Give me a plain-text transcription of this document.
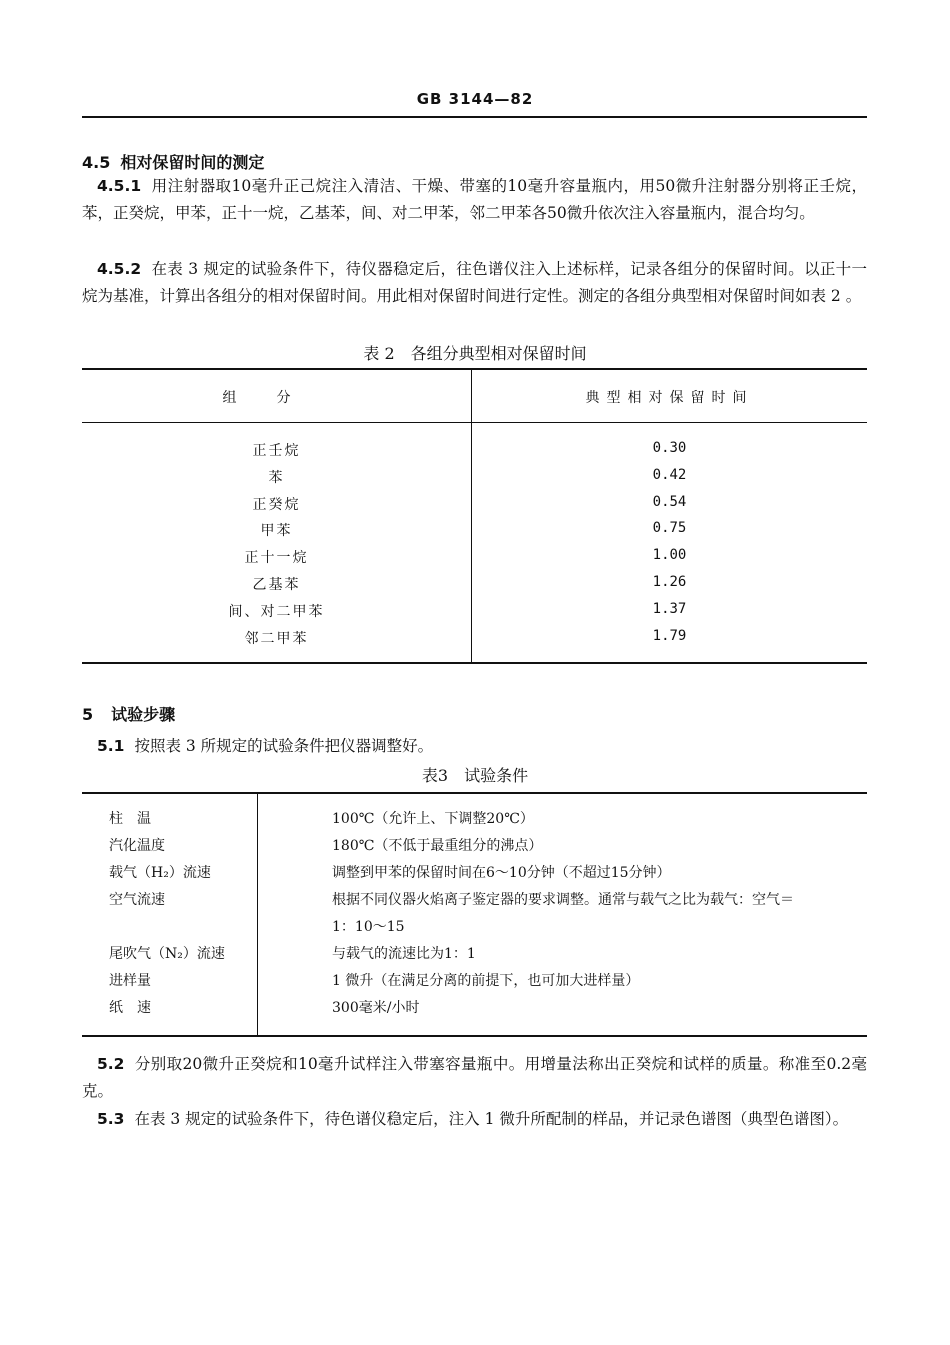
GB 3144—82
4.5 相对保留时间的测定
4.5.1 用注射器取10毫升正己烷注入清洁、干燥、带塞的10毫升容量瓶内，用50微升注射器分别将正壬烷，苯，正癸烷，甲苯，正十一烷，乙基苯，间、对二甲苯，邻二甲苯各50微升依次注入容量瓶内，混合均匀。
4.5.2 在表 3 规定的试验条件下，待仪器稳定后，往色谱仪注入上述标样，记录各组分的保留时间。以正十一烷为基准，计算出各组分的相对保留时间。用此相对保留时间进行定性。测定的各组分典型相对保留时间如表 2 。
表 2　各组分典型相对保留时间
组分	典型相对保留时间
正壬烷	0.30
苯	0.42
正癸烷	0.54
甲苯	0.75
正十一烷	1.00
乙基苯	1.26
间、对二甲苯	1.37
邻二甲苯	1.79
5 试验步骤
5.1 按照表 3 所规定的试验条件把仪器调整好。
表3　试验条件
柱　温	100℃（允许上、下调整20℃）
汽化温度	180℃（不低于最重组分的沸点）
载气（H₂）流速	调整到甲苯的保留时间在6～10分钟（不超过15分钟）
空气流速	根据不同仪器火焰离子鉴定器的要求调整。通常与载气之比为载气：空气＝1：10～15
尾吹气（N₂）流速	与载气的流速比为1：1
进样量	1 微升（在满足分离的前提下，也可加大进样量）
纸　速	300毫米/小时
5.2 分别取20微升正癸烷和10毫升试样注入带塞容量瓶中。用增量法称出正癸烷和试样的质量。称准至0.2毫克。
5.3 在表 3 规定的试验条件下，待色谱仪稳定后，注入 1 微升所配制的样品，并记录色谱图（典型色谱图）。
